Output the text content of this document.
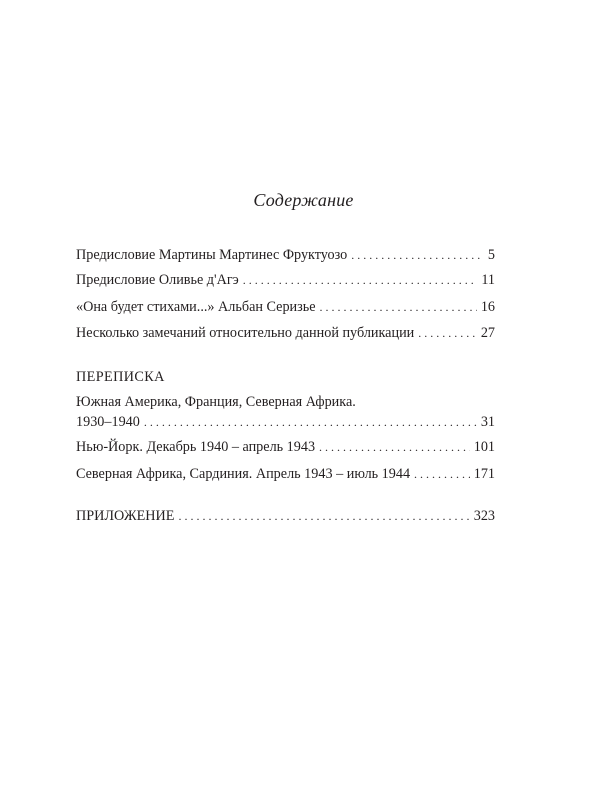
Содержание
Предисловие Мартины Мартинес Фруктуозо . . .	5
Предисловие Оливье д'Агэ . . .	11
«Она будет стихами...» Альбан Серизье . . .	16
Несколько замечаний относительно данной публикации . . .	27
ПЕРЕПИСКА
Южная Америка, Франция, Северная Африка.
1930–1940 . . .	31
Нью-Йорк. Декабрь 1940 – апрель 1943 . . .	101
Северная Африка, Сардиния. Апрель 1943 – июль 1944 . . .	171
ПРИЛОЖЕНИЕ . . .	323
